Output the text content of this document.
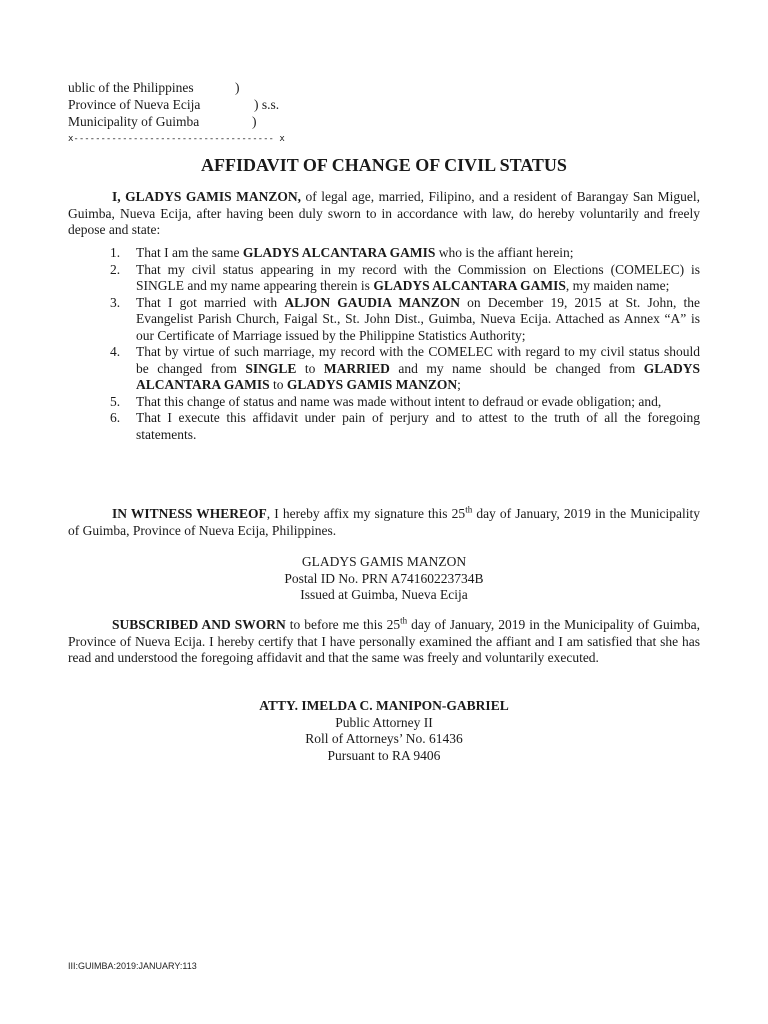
ublic of the Philippines	)
Province of Nueva Ecija	) s.s.
Municipality of Guimba	)
x------------------------------------- x
AFFIDAVIT OF CHANGE OF CIVIL STATUS
I, GLADYS GAMIS MANZON, of legal age, married, Filipino, and a resident of Barangay San Miguel, Guimba, Nueva Ecija, after having been duly sworn to in accordance with law, do hereby voluntarily and freely depose and state:
1. That I am the same GLADYS ALCANTARA GAMIS who is the affiant herein;
2. That my civil status appearing in my record with the Commission on Elections (COMELEC) is SINGLE and my name appearing therein is GLADYS ALCANTARA GAMIS, my maiden name;
3. That I got married with ALJON GAUDIA MANZON on December 19, 2015 at St. John, the Evangelist Parish Church, Faigal St., St. John Dist., Guimba, Nueva Ecija. Attached as Annex “A” is our Certificate of Marriage issued by the Philippine Statistics Authority;
4. That by virtue of such marriage, my record with the COMELEC with regard to my civil status should be changed from SINGLE to MARRIED and my name should be changed from GLADYS ALCANTARA GAMIS to GLADYS GAMIS MANZON;
5. That this change of status and name was made without intent to defraud or evade obligation; and,
6. That I execute this affidavit under pain of perjury and to attest to the truth of all the foregoing statements.
IN WITNESS WHEREOF, I hereby affix my signature this 25th day of January, 2019 in the Municipality of Guimba, Province of Nueva Ecija, Philippines.
GLADYS GAMIS MANZON
Postal ID No. PRN A74160223734B
Issued at Guimba, Nueva Ecija
SUBSCRIBED AND SWORN to before me this 25th day of January, 2019 in the Municipality of Guimba, Province of Nueva Ecija. I hereby certify that I have personally examined the affiant and I am satisfied that she has read and understood the foregoing affidavit and that the same was freely and voluntarily executed.
ATTY. IMELDA C. MANIPON-GABRIEL
Public Attorney II
Roll of Attorneys’ No. 61436
Pursuant to RA 9406
III:GUIMBA:2019:JANUARY:113
